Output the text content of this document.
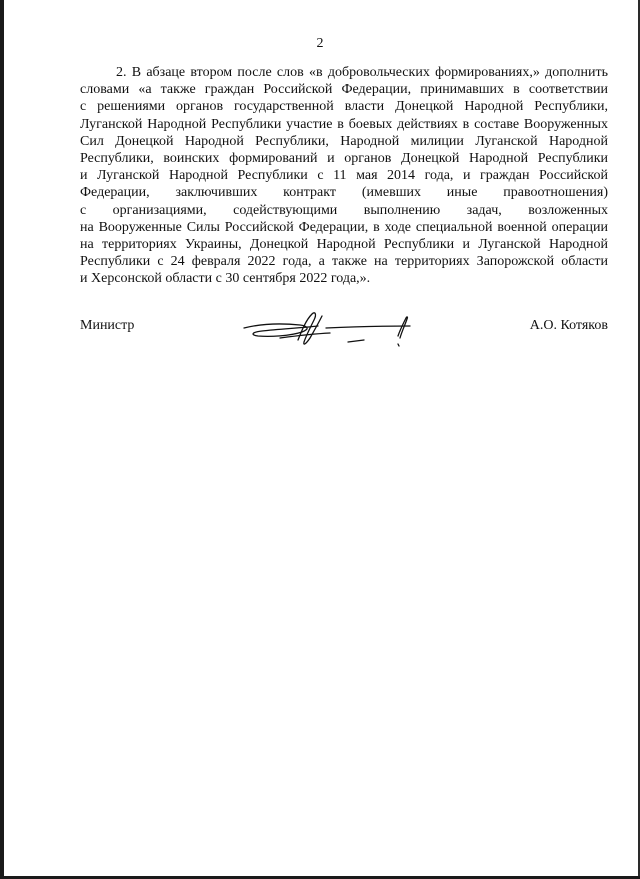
2
2. В абзаце втором после слов «в добровольческих формированиях,» дополнить
словами «а также граждан Российской Федерации, принимавших в соответствии
с решениями органов государственной власти Донецкой Народной Республики,
Луганской Народной Республики участие в боевых действиях в составе Вооруженных
Сил Донецкой Народной Республики, Народной милиции Луганской Народной
Республики, воинских формирований и органов Донецкой Народной Республики
и Луганской Народной Республики с 11 мая 2014 года, и граждан Российской
Федерации, заключивших контракт (имевших иные правоотношения)
с организациями, содействующими выполнению задач, возложенных
на Вооруженные Силы Российской Федерации, в ходе специальной военной операции
на территориях Украины, Донецкой Народной Республики и Луганской Народной
Республики с 24 февраля 2022 года, а также на территориях Запорожской области
и Херсонской области с 30 сентября 2022 года,».
Министр	А.О. Котяков
